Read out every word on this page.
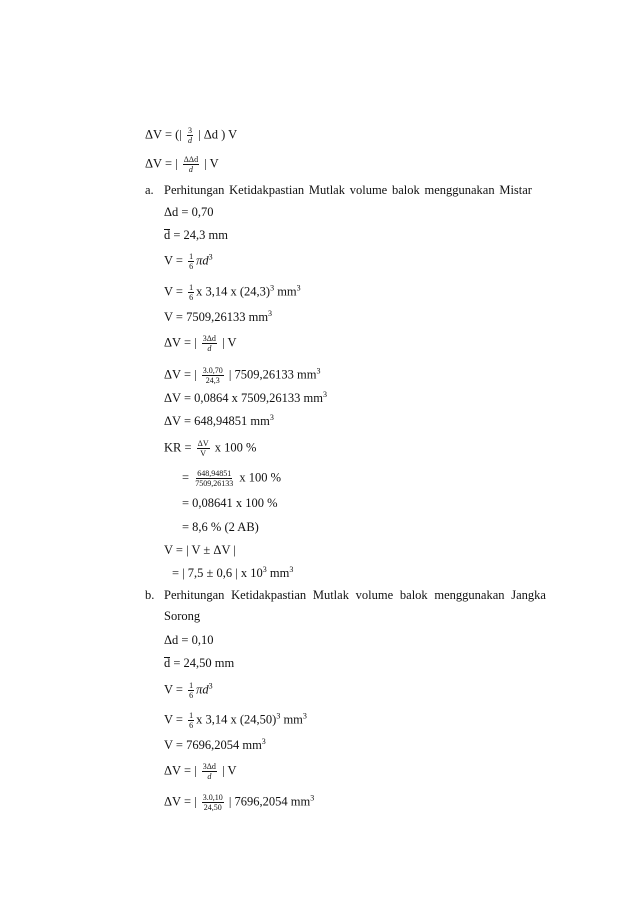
ΔV = (| $\frac{3}{d}$ | Δd ) V
ΔV = | $\frac{\text{ΔΔd}}{d}$ | V
a. Perhitungan Ketidakpastian Mutlak volume balok menggunakan Mistar
Δd = 0,70
d = 24,3 mm
$V = \frac{1}{6} \pi d^3$
$V = \frac{1}{6}$ x 3,14 x $(24,3)^3$ $mm^3$
V = 7509,26133 $mm^3$
ΔV = | $\frac{3\Delta d}{d}$ | V
ΔV = | $\frac{3.0,70}{24,3}$ | 7509,26133 $mm^3$
ΔV = 0,0864 x 7509,26133 $mm^3$
ΔV = 648,94851 $mm^3$
KR = $\frac{\Delta V}{V}$ x 100 %
= $\frac{648,94851}{7509,26133}$ x 100 %
= 0,08641 x 100 %
= 8,6 % (2 AB)
V = | V ± ΔV |
= | 7,5 ± 0,6 | x $10^3$ $mm^3$
b. Perhitungan Ketidakpastian Mutlak volume balok menggunakan Jangka
Sorong
Δd = 0,10
d = 24,50 mm
$V = \frac{1}{6} \pi d^3$
$V = \frac{1}{6}$ x 3,14 x $(24,50)^3$ $mm^3$
V = 7696,2054 $mm^3$
ΔV = | $\frac{3\Delta d}{d}$ | V
ΔV = | $\frac{3.0,10}{24,50}$ | 7696,2054 $mm^3$
